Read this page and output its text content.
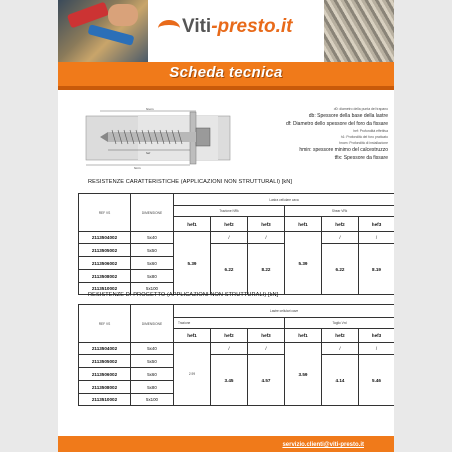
Viti-presto.it
Scheda tecnica
hnom
hef
hmin
d0: diametro della punta del trapano
db: Spessore della base della lastre
df: Diametro dello spessore del foro da fissare
hef: Profondità effettiva
h1: Profondità del foro praticato
hnom: Profondità di installazione
hmin: spessore minimo del calcestruzzo
tfix: Spessore da fissare
RESISTENZE CARATTERISTICHE (APPLICAZIONI NON STRUTTURALI) [kN]
REF VS	DIMENSIONE	Lastra cellulare cava					
		Trazione NRk			Shear VRk		
		hef1	hef2	hef3	hef1	hef2	hef3
2113504002	5x40	5.39	/	/	5.39	/	/
2113505002	5x50		6.22	8.22		6.22	8.19
2113506002	5x60						
2113508002	5x80						
2113510002	5x100						
RESISTENZE DI PROGETTO (APPLICAZIONI NON STRUTTURALI) [kN]
REF VS	DIMENSIONE	Lastre cellulari cave					
		Trazione			Taglio Vrd		
		hef1	hef2	hef3	hef1	hef2	hef3
2113504002	5x40	2.99	/	/	3.59	/	/
2113505002	5x50		3.45	4.57		4.14	5.46
2113506002	5x60						
2113508002	5x80						
2113510002	5x100						
servizio.clienti@viti-presto.it
